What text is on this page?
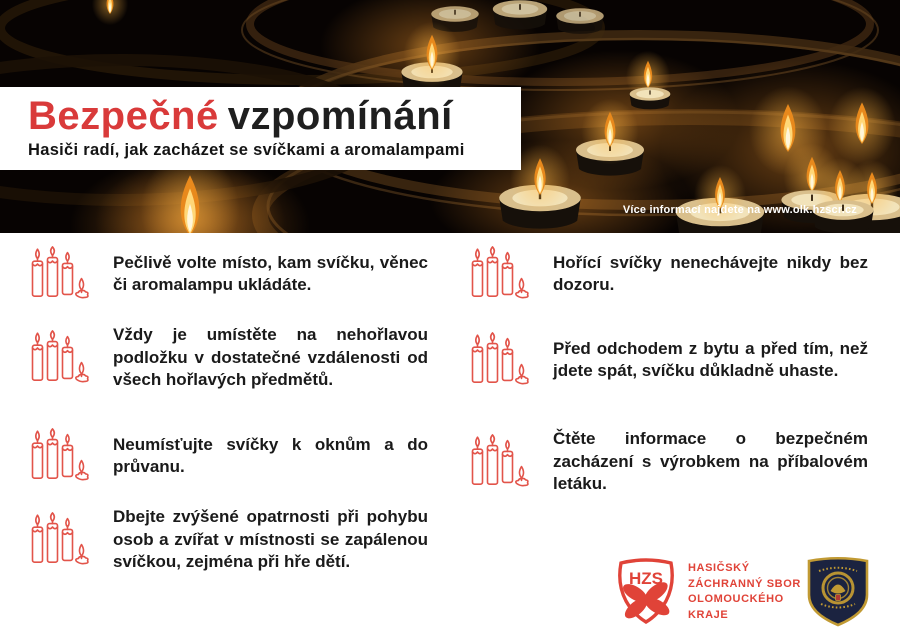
Bezpečné vzpomínání

Hasiči radí, jak zacházet se svíčkami a aromalampami

Více informací najdete na www.olk.hzscr.cz

Pečlivě volte místo, kam svíčku, věnec či aromalampu ukládáte.

Vždy je umístěte na nehořlavou podložku v dostatečné vzdálenosti od všech hořlavých předmětů.

Neumísťujte svíčky k oknům a do průvanu.

Dbejte zvýšené opatrnosti při pohybu osob a zvířat v místnosti se zapálenou svíčkou, zejména při hře dětí.

Hořící svíčky nenechávejte nikdy bez dozoru.

Před odchodem z bytu a před tím, než jdete spát, svíčku důkladně uhaste.

Čtěte informace o bezpečném zacházení s výrobkem na příbalovém letáku.

HASIČSKÝ
ZÁCHRANNÝ SBOR
OLOMOUCKÉHO
KRAJE
